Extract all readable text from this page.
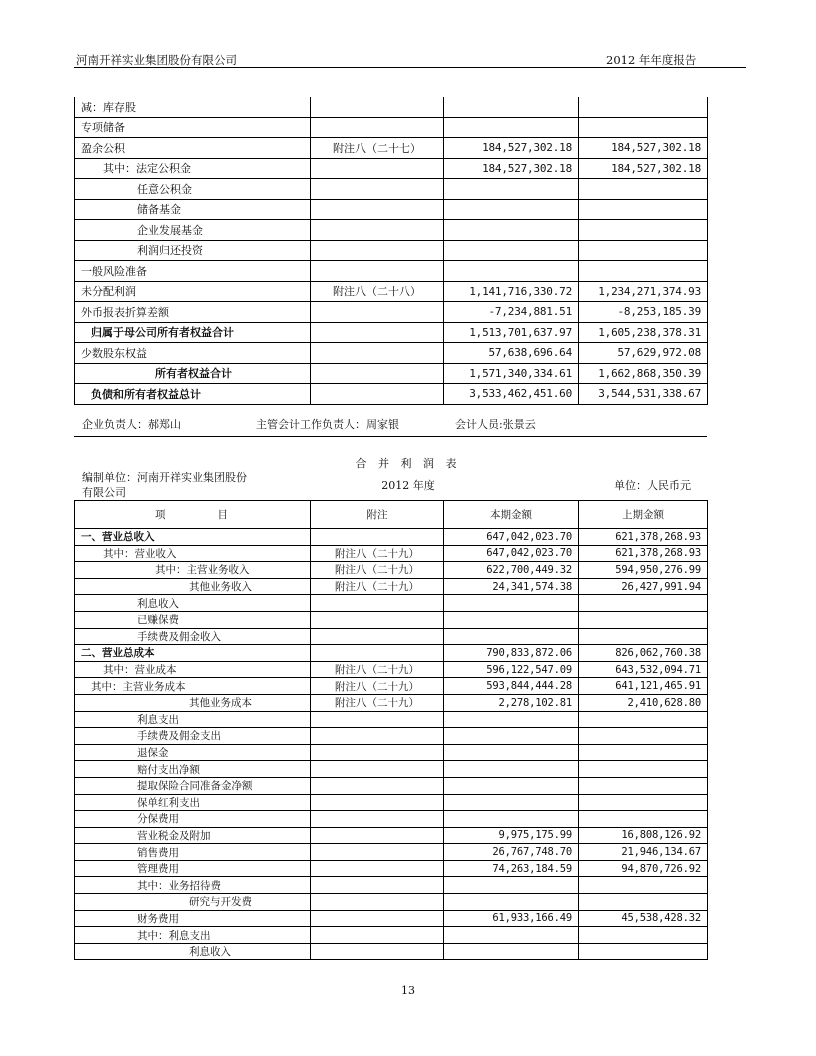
河南开祥实业集团股份有限公司	2012 年年度报告
减：库存股			
专项储备			
盈余公积	附注八（二十七）	184,527,302.18	184,527,302.18
其中：法定公积金		184,527,302.18	184,527,302.18
任意公积金			
储备基金			
企业发展基金			
利润归还投资			
一般风险准备			
未分配利润	附注八（二十八）	1,141,716,330.72	1,234,271,374.93
外币报表折算差额		-7,234,881.51	-8,253,185.39
归属于母公司所有者权益合计		1,513,701,637.97	1,605,238,378.31
少数股东权益		57,638,696.64	57,629,972.08
所有者权益合计		1,571,340,334.61	1,662,868,350.39
负债和所有者权益总计		3,533,462,451.60	3,544,531,338.67
企业负责人：郝郑山	主管会计工作负责人：周家银	会计人员:张景云
合 并 利 润 表
编制单位：河南开祥实业集团股份
有限公司
2012 年度	单位：人民币元
项　　　　目	附注	本期金额	上期金额
一、营业总收入		647,042,023.70	621,378,268.93
其中：营业收入	附注八（二十九）	647,042,023.70	621,378,268.93
其中：主营业务收入	附注八（二十九）	622,700,449.32	594,950,276.99
其他业务收入	附注八（二十九）	24,341,574.38	26,427,991.94
利息收入			
已赚保费			
手续费及佣金收入			
二、营业总成本		790,833,872.06	826,062,760.38
其中：营业成本	附注八（二十九）	596,122,547.09	643,532,094.71
其中：主营业务成本	附注八（二十九）	593,844,444.28	641,121,465.91
其他业务成本	附注八（二十九）	2,278,102.81	2,410,628.80
利息支出			
手续费及佣金支出			
退保金			
赔付支出净额			
提取保险合同准备金净额			
保单红利支出			
分保费用			
营业税金及附加		9,975,175.99	16,808,126.92
销售费用		26,767,748.70	21,946,134.67
管理费用		74,263,184.59	94,870,726.92
其中：业务招待费			
研究与开发费			
财务费用		61,933,166.49	45,538,428.32
其中：利息支出			
利息收入			
13
